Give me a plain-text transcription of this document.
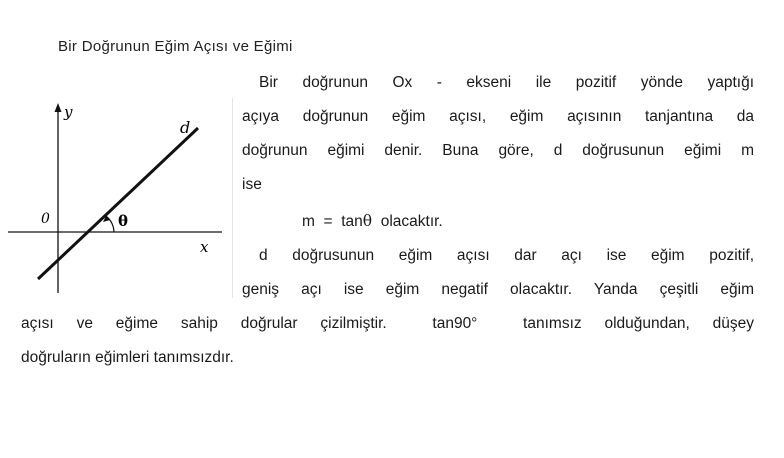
Bir Doğrunun Eğim Açısı ve Eğimi
y
x
0
d
θ
Bir doğrunun Ox - ekseni ile pozitif yönde yaptığı
açıya doğrunun eğim açısı, eğim açısının tanjantına da
doğrunun eğimi denir. Buna göre, d doğrusunun eğimi m
ise
m  =  tanθ  olacaktır.
d doğrusunun eğim açısı dar açı ise eğim pozitif,
geniş açı ise eğim negatif olacaktır. Yanda çeşitli eğim
açısı ve eğime sahip doğrular çizilmiştir.  tan90°  tanımsız olduğundan, düşey
doğruların eğimleri tanımsızdır.
